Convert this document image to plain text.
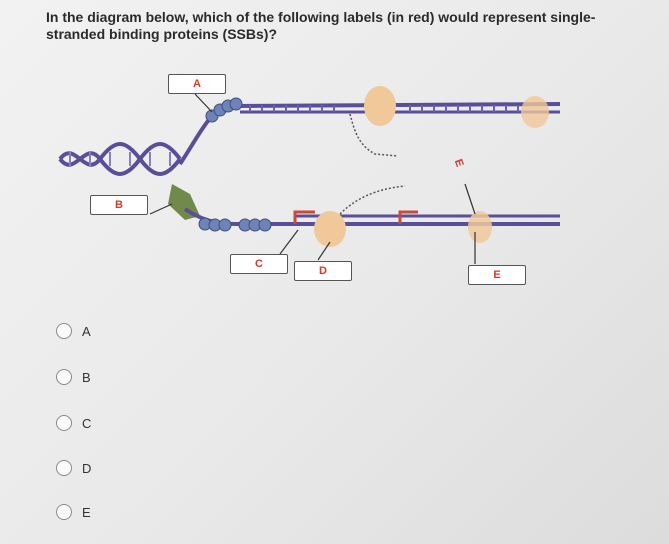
In the diagram below, which of the following labels (in red) would represent single-
stranded binding proteins (SSBs)?
A
B
C
D	E
E
A
B
C
D
E
